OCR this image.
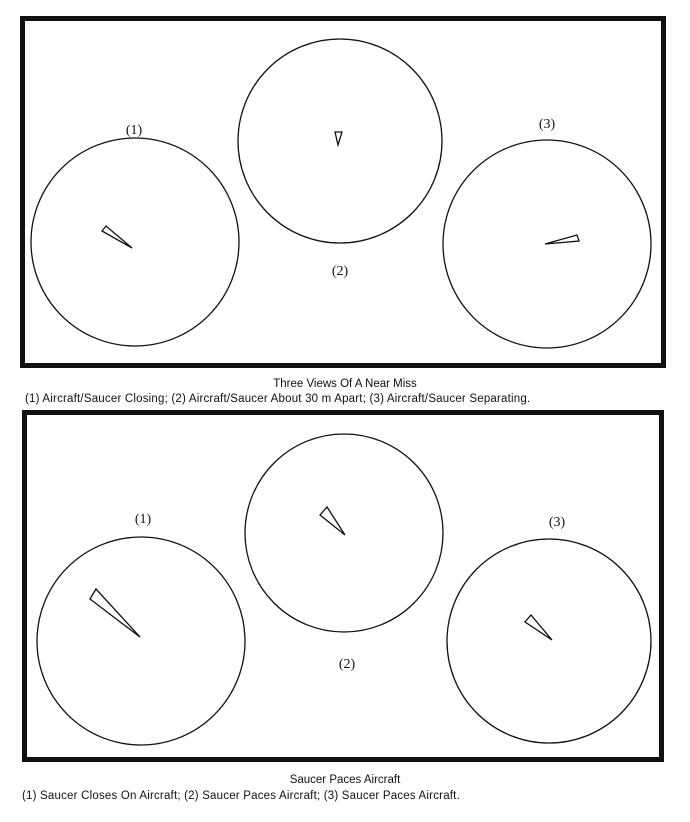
(1)
(2)
(3)
Three Views Of A Near Miss
(1) Aircraft/Saucer Closing; (2) Aircraft/Saucer About 30 m Apart; (3) Aircraft/Saucer Separating.
(1)
(2)
(3)
Saucer Paces Aircraft
(1) Saucer Closes On Aircraft; (2) Saucer Paces Aircraft; (3) Saucer Paces Aircraft.
